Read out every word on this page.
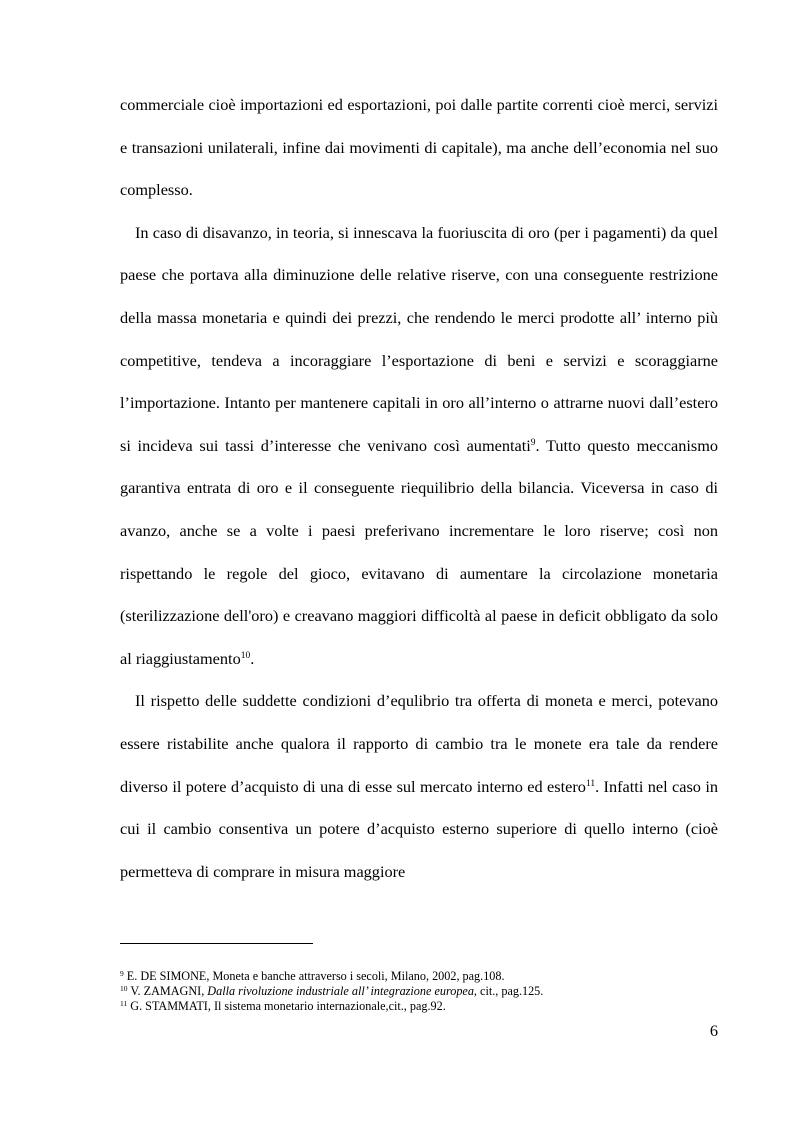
commerciale cioè importazioni ed esportazioni, poi dalle partite correnti cioè merci, servizi e transazioni unilaterali, infine dai movimenti di capitale), ma anche dell’economia nel suo complesso.

In caso di disavanzo, in teoria, si innescava la fuoriuscita di oro (per i pagamenti) da quel paese che portava alla diminuzione delle relative riserve, con una conseguente restrizione della massa monetaria e quindi dei prezzi, che rendendo le merci prodotte all’ interno più competitive, tendeva a incoraggiare l’esportazione di beni e servizi e scoraggiarne l’importazione. Intanto per mantenere capitali in oro all’interno o attrarne nuovi dall’estero si incideva sui tassi d’interesse che venivano così aumentati$^9$. Tutto questo meccanismo garantiva entrata di oro e il conseguente riequilibrio della bilancia. Viceversa in caso di avanzo, anche se a volte i paesi preferivano incrementare le loro riserve; così non rispettando le regole del gioco, evitavano di aumentare la circolazione monetaria (sterilizzazione dell'oro) e creavano maggiori difficoltà al paese in deficit obbligato da solo al riaggiustamento$^{10}$.

Il rispetto delle suddette condizioni d’equlibrio tra offerta di moneta e merci, potevano essere ristabilite anche qualora il rapporto di cambio tra le monete era tale da rendere diverso il potere d’acquisto di una di esse sul mercato interno ed estero$^{11}$. Infatti nel caso in cui il cambio consentiva un potere d’acquisto esterno superiore di quello interno (cioè permetteva di comprare in misura maggiore

$^9$ E. DE SIMONE, Moneta e banche attraverso i secoli, Milano, 2002, pag.108.
$^{10}$ V. ZAMAGNI, Dalla rivoluzione industriale all’ integrazione europea, cit., pag.125.
$^{11}$ G. STAMMATI, Il sistema monetario internazionale,cit., pag.92.
6
